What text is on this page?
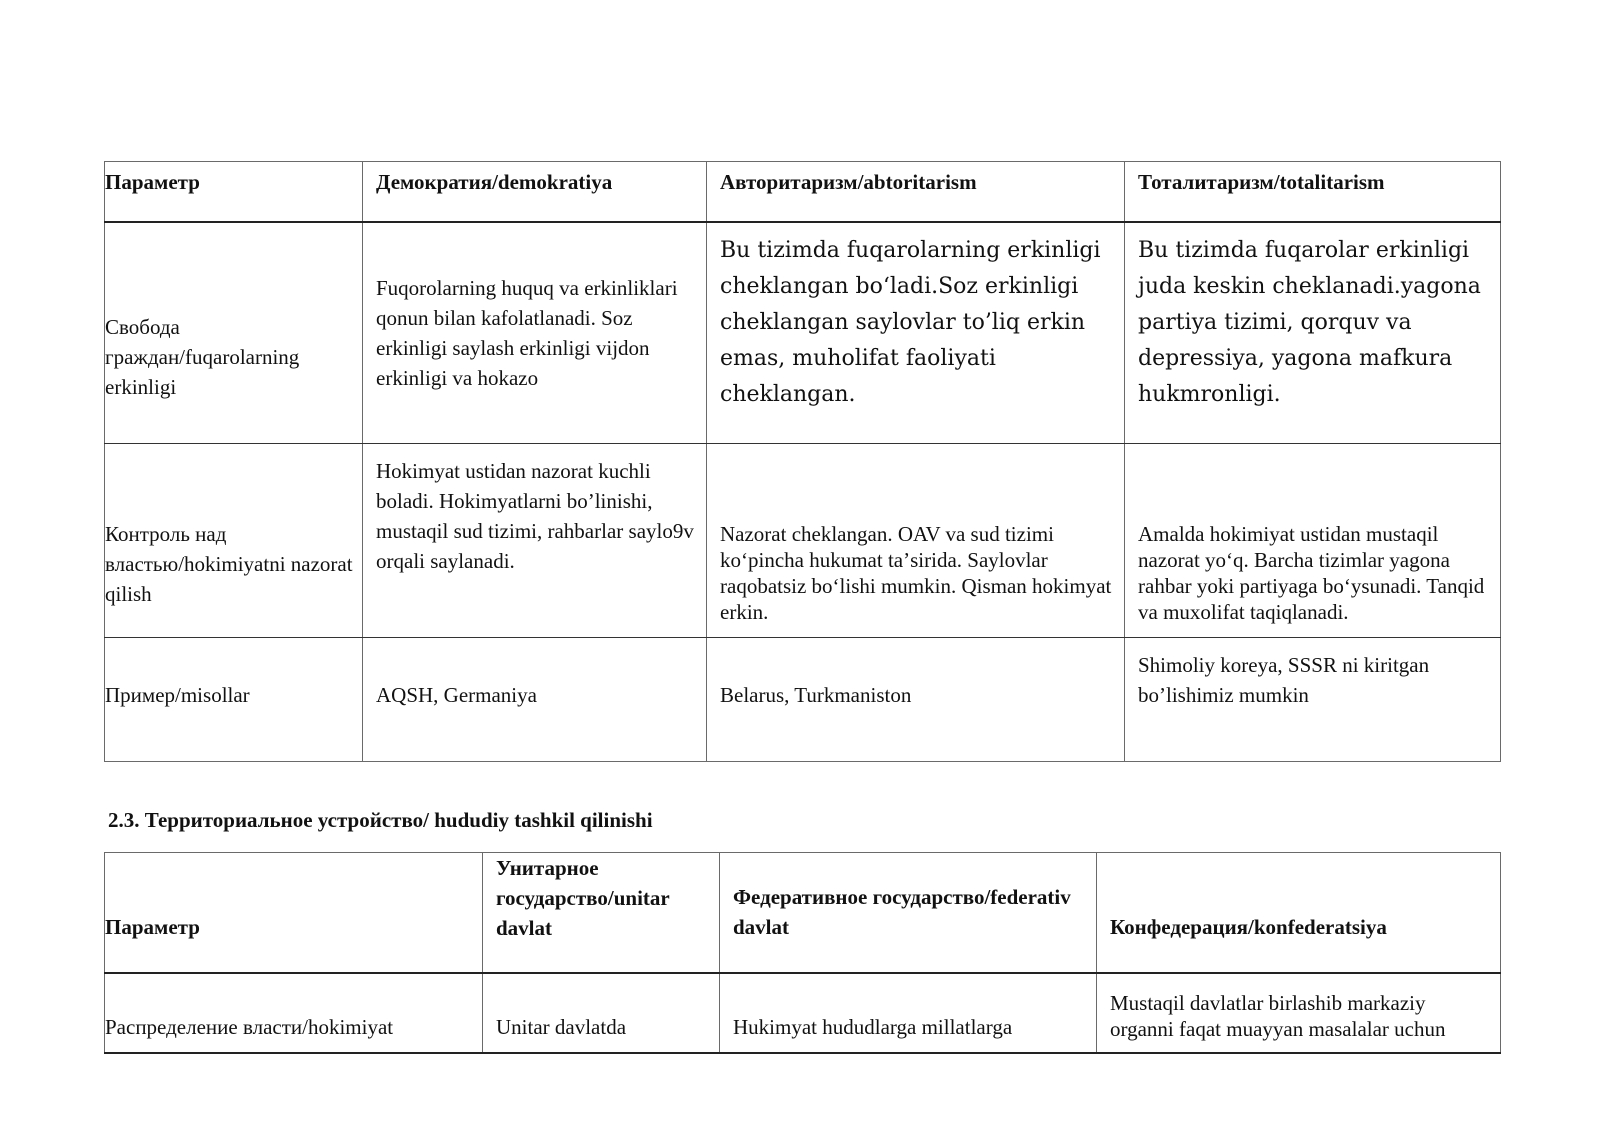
Параметр	Демократия/demokratiya	Авторитаризм/abtoritarism	Тоталитаризм/totalitarism
Свобода граждан/fuqarolarning erkinligi	Fuqorolarning huquq va erkinliklari qonun bilan kafolatlanadi. Soz erkinligi saylash erkinligi vijdon erkinligi va hokazo	Bu tizimda fuqarolarning erkinligi cheklangan boʻladi.Soz erkinligi cheklangan saylovlar to’liq erkin emas, muholifat faoliyati cheklangan.	Bu tizimda fuqarolar erkinligi juda keskin cheklanadi.yagona partiya tizimi, qorquv va depressiya, yagona mafkura hukmronligi.
Контроль над властью/hokimiyatni nazorat qilish	Hokimyat ustidan nazorat kuchli boladi. Hokimyatlarni bo’linishi, mustaqil sud tizimi, rahbarlar saylo9v orqali saylanadi.	Nazorat cheklangan. OAV va sud tizimi koʻpincha hukumat taʼsirida. Saylovlar raqobatsiz boʻlishi mumkin. Qisman hokimyat erkin.	Amalda hokimiyat ustidan mustaqil nazorat yoʻq. Barcha tizimlar yagona rahbar yoki partiyaga boʻysunadi. Tanqid va muxolifat taqiqlanadi.
Пример/misollar	AQSH, Germaniya	Belarus, Turkmaniston	Shimoliy koreya, SSSR ni kiritgan bo’lishimiz mumkin

2.3. Территориальное устройство/ hududiy tashkil qilinishi

Параметр	Унитарное государство/unitar davlat	Федеративное государство/federativ davlat	Конфедерация/konfederatsiya
Распределение власти/hokimiyat	Unitar davlatda	Hukimyat hududlarga millatlarga	Mustaqil davlatlar birlashib markaziy organni faqat muayyan masalalar uchun
